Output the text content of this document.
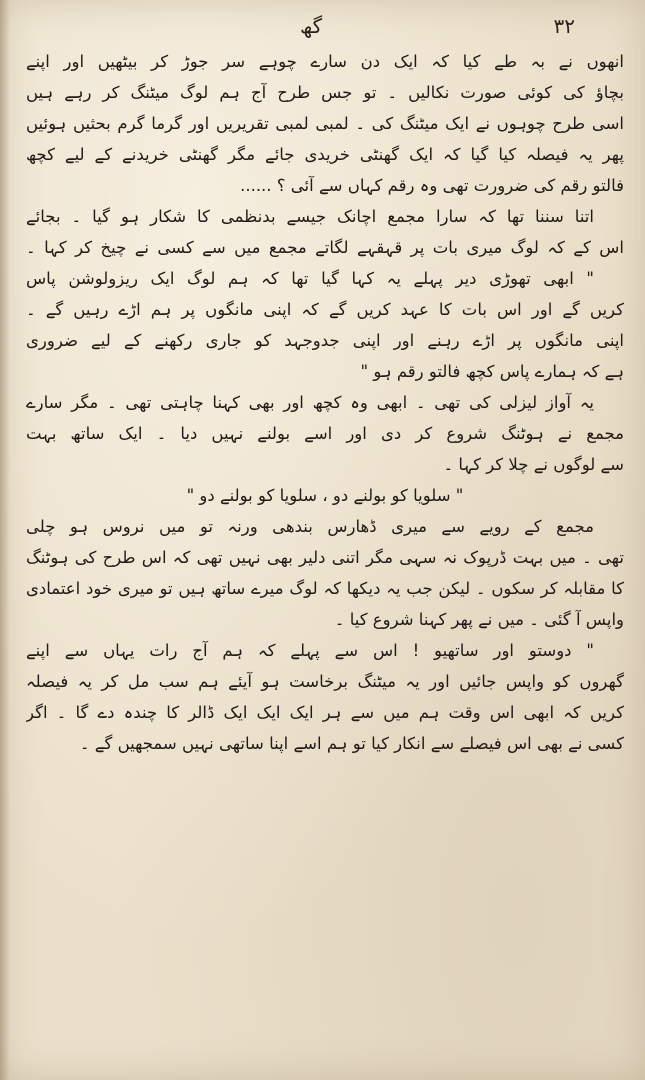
گھ	۳۲
انھوں نے بہ طے کیا کہ ایک دن سارے چوہے سر جوڑ کر بیٹھیں اور اپنے
بچاؤ کی کوئی صورت نکالیں ۔ تو جس طرح آج ہم لوگ میٹنگ کر رہے ہیں
اسی طرح چوہوں نے ایک میٹنگ کی ۔ لمبی لمبی تقریریں اور گرما گرم بحثیں ہوئیں
پھر یہ فیصلہ کیا گیا کہ ایک گھنٹی خریدی جائے مگر گھنٹی خریدنے کے لیے کچھ
فالتو رقم کی ضرورت تھی وہ رقم کہاں سے آئی ؟ ......
اتنا سننا تھا کہ سارا مجمع اچانک جیسے بدنظمی کا شکار ہو گیا ۔ بجائے
اس کے کہ لوگ میری بات پر قہقہے لگاتے مجمع میں سے کسی نے چیخ کر کہا ۔
" ابھی تھوڑی دیر پہلے یہ کہا گیا تھا کہ ہم لوگ ایک ریزولوشن پاس
کریں گے اور اس بات کا عہد کریں گے کہ اپنی مانگوں پر ہم اڑے رہیں گے ۔
اپنی مانگوں پر اڑے رہنے اور اپنی جدوجہد کو جاری رکھنے کے لیے ضروری
ہے کہ ہمارے پاس کچھ فالتو رقم ہو "
یہ آواز لیزلی کی تھی ۔ ابھی وہ کچھ اور بھی کہنا چاہتی تھی ۔ مگر سارے
مجمع نے ہوٹنگ شروع کر دی اور اسے بولنے نہیں دیا ۔ ایک ساتھ بہت
سے لوگوں نے چلا کر کہا ۔
" سلویا کو بولنے دو ، سلویا کو بولنے دو "
مجمع کے رویے سے میری ڈھارس بندھی ورنہ تو میں نروس ہو چلی
تھی ۔ میں بہت ڈرپوک نہ سہی مگر اتنی دلیر بھی نہیں تھی کہ اس طرح کی ہوٹنگ
کا مقابلہ کر سکوں ۔ لیکن جب یہ دیکھا کہ لوگ میرے ساتھ ہیں تو میری خود اعتمادی
واپس آ گئی ۔ میں نے پھر کہنا شروع کیا ۔
" دوستو اور ساتھیو ! اس سے پہلے کہ ہم آج رات یہاں سے اپنے
گھروں کو واپس جائیں اور یہ میٹنگ برخاست ہو آیئے ہم سب مل کر یہ فیصلہ
کریں کہ ابھی اس وقت ہم میں سے ہر ایک ایک ایک ڈالر کا چندہ دے گا ۔ اگر
کسی نے بھی اس فیصلے سے انکار کیا تو ہم اسے اپنا ساتھی نہیں سمجھیں گے ۔
